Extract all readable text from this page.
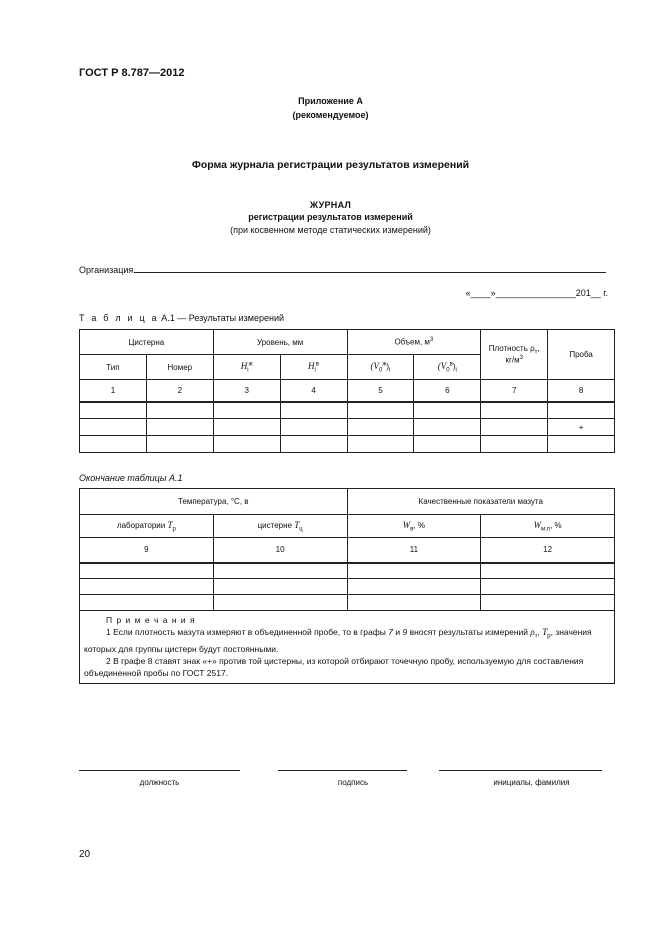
ГОСТ Р 8.787—2012
Приложение А
(рекомендуемое)
Форма журнала регистрации результатов измерений
ЖУРНАЛ
регистрации результатов измерений
(при косвенном методе статических измерений)
Организация
«____»________________201__ г.
Т а б л и ц а А.1 — Результаты измерений
Цистерна		Уровень, мм		Объем, $м^3$		Плотность $\rho_т$,
$кг/м^3$	Проба
Тип	Номер	$H_i^ж$	$H_i^в$	$(V_0^ж)_i$	$(V_0^в)_i$
1	2	3	4	5	6	7	8

							+

Окончание таблицы А.1
Температура, °С, в		Качественные показатели мазута	
лаборатории $T_р$	цистерне $T_ц$	$W_в$, %	$W_{м.п}$, %
9	10	11	12

П р и м е ч а н и я
1 Если плотность мазута измеряют в объединенной пробе, то в графы 7 и 9 вносят результаты измерений $\rho_т$, $T_р$, значения которых для группы цистерн будут постоянными.
2 В графе 8 ставят знак «+» против той цистерны, из которой отбирают точечную пробу, используемую для составления объединенной пробы по ГОСТ 2517.			
должность	подпись	инициалы, фамилия
20
